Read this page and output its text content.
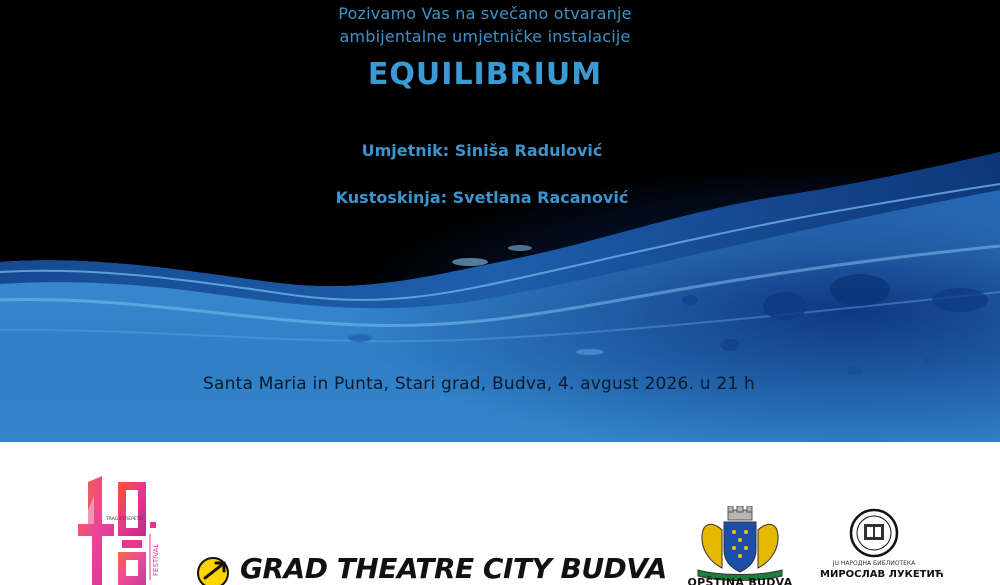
Pozivamo Vas na svečano otvaranje
ambijentalne umjetničke instalacije
EQUILIBRIUM
Umjetnik: Siniša Radulović
Kustoskinja: Svetlana Racanović
Santa Maria in Punta, Stari grad, Budva, 4. avgust 2026. u 21 h
TRAG I TREPETO
FESTIVAL	GRAD THEATRE CITY BUDVA OPŠTINA BUDVA
JU НАРОДНА БИБЛИОТЕКА
МИРОСЛАВ ЛУКЕТИЋ
